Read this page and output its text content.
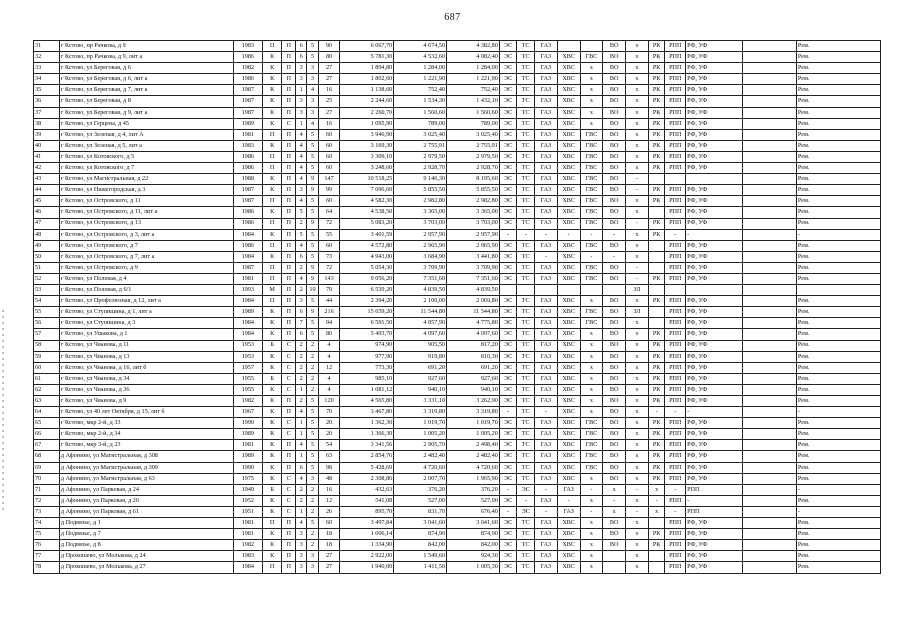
687
31	г Кстово, пр Рачкова, д 9	1983	П	П	6	5	90	6 067,70	4 674,50	4 382,80	ЭС	ТС	ГАЗ			ВО	х	РК	РПП	РФ, УФ		Рем.
32	г Кстово, пр Рачкова, д 9, лит а	1986	К	П	6	5	80	5 781,30	4 532,60	4 082,40	ЭС	ТС	ГАЗ	ХВС	ГВС	ВО	х	РК	РПП	РФ, УФ		Рем.
33	г Кстово, ул Береговая, д 6	1982	К	П	3	3	27	1 894,80	1 284,00	1 284,00	ЭС	ТС	ГАЗ	ХВС	х	ВО	х	РК	РПП	РФ, УФ		Рем.
34	г Кстово, ул Береговая, д 6, лит а	1986	К	П	3	3	27	1 802,60	1 221,90	1 221,90	ЭС	ТС	ГАЗ	ХВС	х	ВО	х	РК	РПП	РФ, УФ		Рем.
35	г Кстово, ул Береговая, д 7, лит а	1987	К	П	1	4	16	1 138,60	752,40	752,40	ЭС	ТС	ГАЗ	ХВС	х	ВО	х	РК	РПП	РФ, УФ		Рем.
36	г Кстово, ул Береговая, д 8	1987	К	П	3	3	25	2 244,60	1 534,30	1 432,10	ЭС	ТС	ГАЗ	ХВС	х	ВО	х	РК	РПП	РФ, УФ		Рем.
37	г Кстово, ул Береговая, д 9, лит а	1987	К	П	3	3	27	2 260,70	1 560,60	1 560,60	ЭС	ТС	ГАЗ	ХВС	х	ВО	х	РК	РПП	РФ, УФ		Рем.
38	г Кстово, ул Герцена, д 45	1989	К	С	1	4	16	1 095,90	789,00	789,00	ЭС	ТС	ГАЗ	ХВС	х	ВО	х	РК	РПП	РФ, УФ		Рем.
39	г Кстово, ул Зеленая, д 4, лит А	1981	П	П	4	5	60	3 946,90	3 025,40	3 025,40	ЭС	ТС	ГАЗ	ХВС	ГВС	ВО	х	РК	РПП	РФ, УФ		Рем.
40	г Кстово, ул Зеленая, д 5, лит а	1983	К	П	4	5	60	3 169,30	2 755,91	2 755,91	ЭС	ТС	ГАЗ	ХВС	ГВС	ВО	х	РК	РПП	РФ, УФ		Рем.
41	г Кстово, ул Котовского, д 5	1986	П	П	4	5	60	3 309,10	2 979,50	2 979,50	ЭС	ТС	ГАЗ	ХВС	ГВС	ВО	х	РК	РПП	РФ, УФ		Рем.
42	г Кстово, ул Котовского, д 7	1986	П	П	4	5	60	3 248,60	2 928,70	2 928,70	ЭС	ТС	ГАЗ	ХВС	ГВС	ВО	х	РК	РПП	РФ, УФ		Рем.
43	г Кстово, ул Магистральная, д 22	1988	К	П	4	9	147	10 518,25	9 146,30	8 195,60	ЭС	ТС	ГАЗ	ХВС	ГВС	ВО	-					Рем.
44	г Кстово, ул Нижегородская, д 3	1987	К	П	3	9	99	7 096,60	5 855,50	5 855,50	ЭС	ТС	ГАЗ	ХВС	ГВС	ВО	-	РК	РПП	РФ, УФ		Рем.
45	г Кстово, ул Островского, д 11	1987	П	П	4	5	60	4 582,30	2 982,80	2 982,80	ЭС	ТС	ГАЗ	ХВС	ГВС	ВО	х	РК	РПП	РФ, УФ		Рем.
46	г Кстово, ул Островского, д 11, лит а	1986	К	П	5	5	64	4 538,50	3 365,00	3 365,00	ЭС	ТС	ГАЗ	ХВС	ГВС	ВО	х		РПП	РФ, УФ		Рем.
47	г Кстово, ул Островского, д 13	1986	П	П	2	9	72	5 083,20	3 703,00	3 703,00	ЭС	ТС	ГАЗ	ХВС	ГВС	ВО	-	РК	РПП	РФ, УФ		Рем.
48	г Кстово, ул Островского, д 3, лит а	1984	К	П	5	5	55	3 401,59	2 957,90	2 957,90	-	-	-	-	-	-	х	РК	-	-		-
49	г Кстово, ул Островского, д 7	1986	П	П	4	5	60	4 572,80	2 965,90	2 965,90	ЭС	ТС	ГАЗ	ХВС	ГВС	ВО	х		РПП	РФ, УФ		Рем.
50	г Кстово, ул Островского, д 7, лит а	1984	К	П	6	5	73	4 943,00	3 684,90	3 441,80	ЭС	ТС	-	ХВС	-	-	х		РПП	РФ, УФ		Рем.
51	г Кстово, ул Островского, д 9	1987	П	П	2	9	72	5 054,30	3 709,90	3 709,90	ЭС	ТС	ГАЗ	ХВС	ГВС	ВО	-		РПП	РФ, УФ		Рем.
52	г Кстово, ул Полевая, д 4	1981	П	П	4	9	143	9 056,20	7 351,60	7 351,60	ЭС	ТС	ГАЗ	ХВС	ГВС	ВО	-	РК	РПП	РФ, УФ		Рем.
53	г Кстово, ул Полевая, д 6/1	1993	М	П	2	10	79	6 539,20	4 839,50	4 839,50							ЗЛ					
54	г Кстово, ул Профсоюзная, д 12, лит а	1984	П	П	3	5	44	2 394,20	2 100,00	2 069,80	ЭС	ТС	ГАЗ	ХВС	х	ВО	х	РК	РПП	РФ, УФ		Рем.
55	г Кстово, ул Ступишина, д 1, лит а	1989	К	П	6	9	216	15 659,20	11 544,80	11 544,80	ЭС	ТС	ГАЗ	ХВС	ГВС	ВО	ЗЛ		РПП	РФ, УФ		Рем.
56	г Кстово, ул Ступишина, д 3	1984	К	П	7	5	94	6 591,50	4 857,90	4 775,80	ЭС	ТС	ГАЗ	ХВС	ГВС	ВО	х		РПП	РФ, УФ		Рем.
57	г Кстово, ул Ушакова, д 1	1984	К	П	6	5	80	5 493,70	4 097,60	4 097,60	ЭС	ТС	ГАЗ	ХВС	х	ВО	х	РК	РПП	РФ, УФ		Рем.
58	г Кстово, ул Чванова, д 11	1953	Б	С	2	2	4	974,90	905,50	817,20	ЭС	ТС	ГАЗ	ХВС	х	ВО	х	РК	РПП	РФ, УФ		Рем.
59	г Кстово, ул Чванова, д 13	1953	К	С	2	2	4	977,90	919,80	810,30	ЭС	ТС	ГАЗ	ХВС	х	ВО	х	РК	РПП	РФ, УФ		Рем.
60	г Кстово, ул Чванова, д 16, лит б	1957	К	С	2	2	12	773,30	691,20	691,20	ЭС	ТС	ГАЗ	ХВС	х	ВО	х	РК	РПП	РФ, УФ		Рем.
61	г Кстово, ул Чванова, д 34	1955	Б	С	2	2	4	985,10	927,60	927,60	ЭС	ТС	ГАЗ	ХВС	х	ВО	х	РК	РПП	РФ, УФ		Рем.
62	г Кстово, ул Чванова, д 36	1955	К	С	1	2	4	1 081,12	940,10	940,10	ЭС	ТС	ГАЗ	ХВС	х	ВО	х	РК	РПП	РФ, УФ		Рем.
63	г Кстово, ул Чванова, д 9	1982	К	П	2	5	120	4 565,80	3 331,10	3 262,90	ЭС	ТС	ГАЗ	ХВС	х	ВО	х	РК	РПП	РФ, УФ		Рем.
64	г Кстово, ул 40 лет Октября, д 15, лит б	1967	К	П	4	5	70	3 467,80	3 319,80	3 319,80	-	ТС	-	ХВС	х	ВО	х	-	-	-		-
65	г Кстово, мкр 2-й, д 33	1990	К	С	1	5	20	1 362,30	1 019,70	1 019,70	ЭС	ТС	ГАЗ	ХВС	ГВС	ВО	х	РК	РПП	РФ, УФ		Рем.
66	г Кстово, мкр 2-й, д 34	1989	К	С	1	5	20	1 366,30	1 005,20	1 005,20	ЭС	ТС	ГАЗ	ХВС	ГВС	ВО	х	РК	РПП	РФ, УФ		Рем.
67	г Кстово, мкр 3-й, д 23	1981	К	П	4	5	54	3 341,56	2 905,70	2 498,40	ЭС	ТС	ГАЗ	ХВС	ГВС	ВО	х	РК	РПП	РФ, УФ		Рем.
68	д Афонино, ул Магистральная, д 308	1989	К	П	1	5	63	2 854,76	2 482,40	2 482,40	ЭС	ТС	ГАЗ	ХВС	ГВС	ВО	х	РК	РПП	РФ, УФ		Рем.
69	д Афонино, ул Магистральная, д 309	1990	К	П	6	5	98	5 428,69	4 720,60	4 720,60	ЭС	ТС	ГАЗ	ХВС	ГВС	ВО	х	РК	РПП	РФ, УФ		Рем.
70	д Афонино, ул Магистральная, д 63	1975	К	С	4	3	48	2 308,86	2 007,70	1 965,90	ЭС	ТС	ГАЗ	ХВС	х	ВО	х	РК	РПП	РФ, УФ		Рем.
71	д Афонино, ул Парковая, д 24	1949	Б	С	2	2	16	432,63	376,20	376,20	-	ЭС	-	ГАЗ	-	х	-	х	-	РПП		-
72	д Афонино, ул Парковая, д 26	1952	К	С	2	2	12	541,08	527,00	527,00	ЭС	-	ГАЗ	-	х	-	х	-	РПП	-		Рем.
73	д Афонино, ул Парковая, д 61	1951	К	С	1	2	26	895,70	831,70	676,40	-	ЭС	-	ГАЗ	-	х	-	х	-	РПП		-
74	д Подвязье, д 1	1981	П	П	4	5	60	3 497,84	3 041,60	3 041,60	ЭС	ТС	ГАЗ	ХВС	х	ВО	х		РПП	РФ, УФ		Рем.
75	д Подвязье, д 7	1981	К	П	3	2	18	1 006,14	874,90	874,90	ЭС	ТС	ГАЗ	ХВС	х	ВО	х	РК	РПП	РФ, УФ		Рем.
76	д Подвязье, д 8	1982	К	П	3	2	18	1 334,90	842,00	842,00	ЭС	ТС	ГАЗ	ХВС	х	ВО	х	РК	РПП	РФ, УФ		Рем.
77	д Прокошево, ул Молькова, д 24	1983	К	П	3	3	27	2 922,00	1 549,60	924,30	ЭС	ТС	ГАЗ	ХВС	х		х		РПП	РФ, УФ		Рем.
78	д Прокошево, ул Молькова, д 27	1984	П	П	3	3	27	1 940,00	1 411,50	1 005,30	ЭС	ТС	ГАЗ	ХВС	х		х		РПП	РФ, УФ		Рем.
